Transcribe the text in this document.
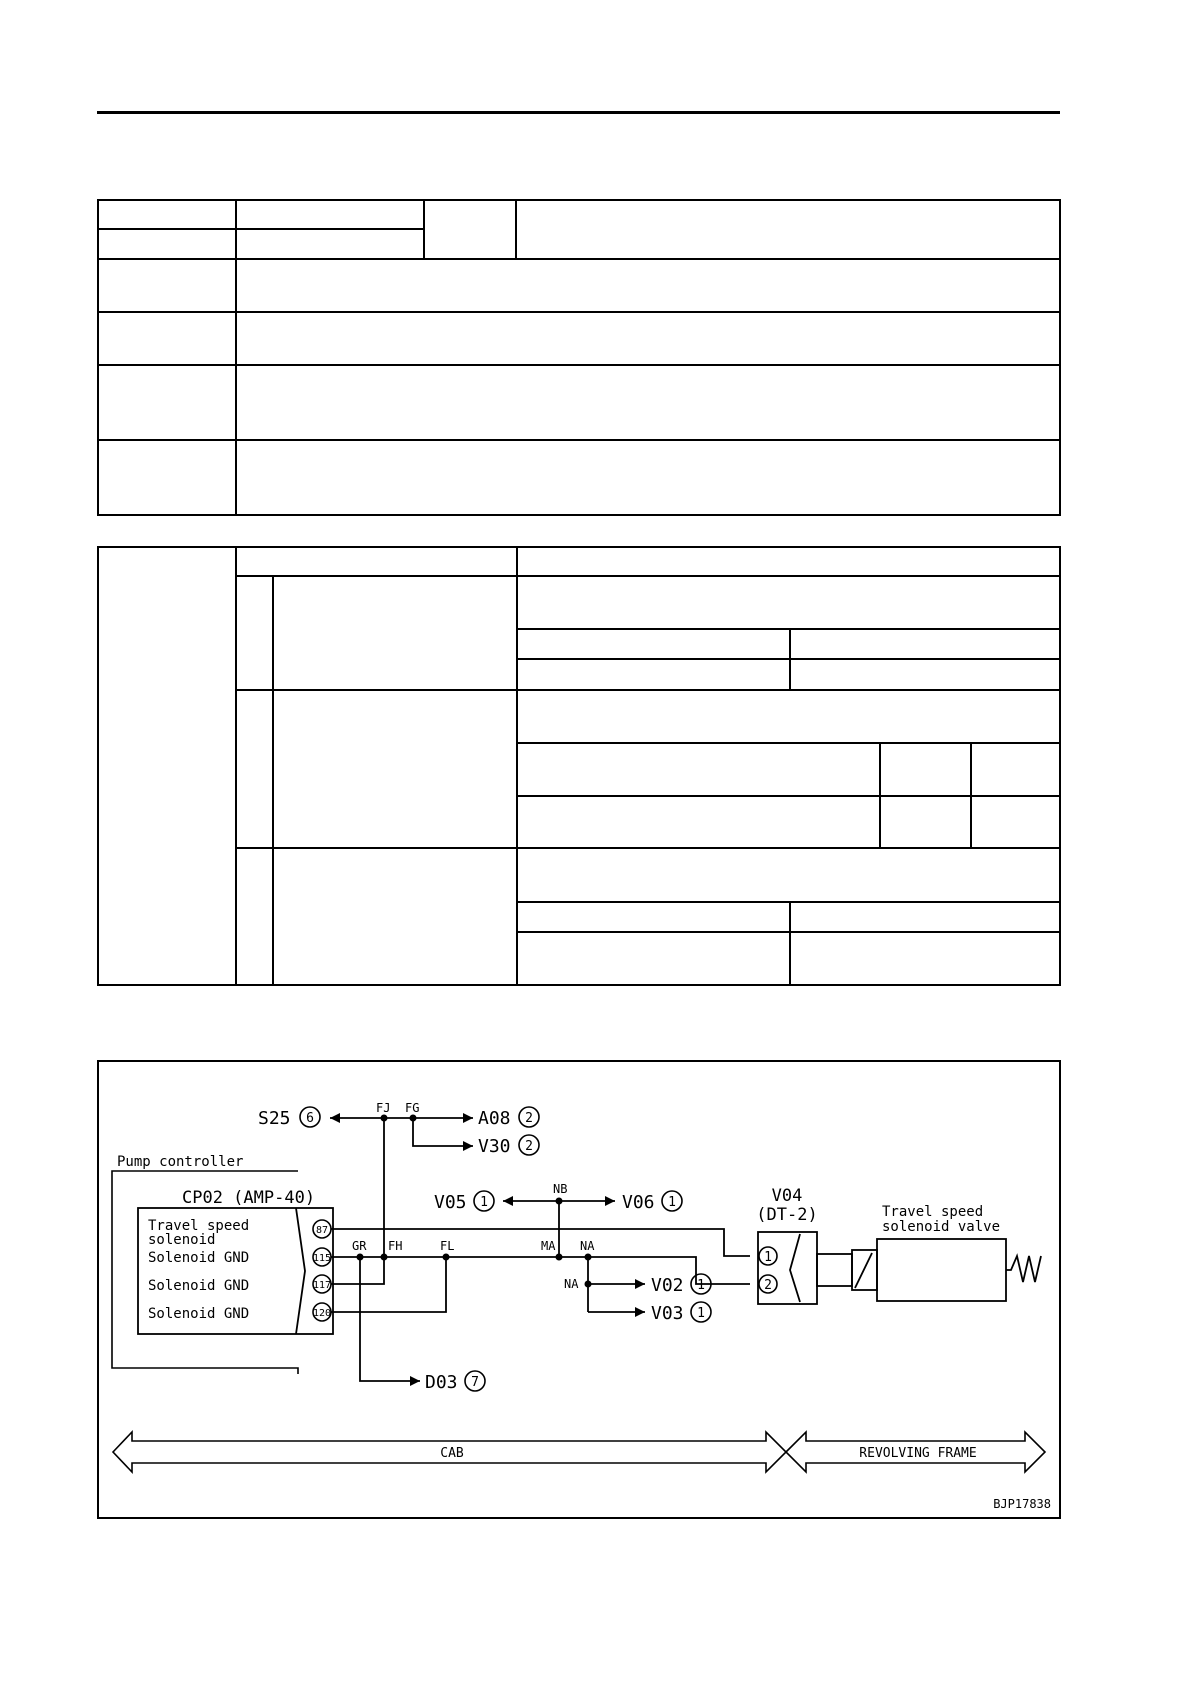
Pump controller
CP02 (AMP-40)
Travel speed
solenoid
Solenoid GND
Solenoid GND
Solenoid GND
87
115
117
120
FJ FG
GR FH	FL
NB
MA NA
NA
S25 6	A08 2
V30 2
V05 1	V06 1
V02 1
V03 1
D03 7
V04
(DT-2)
1
2
Travel speed
solenoid valve
CAB	REVOLVING FRAME
BJP17838
